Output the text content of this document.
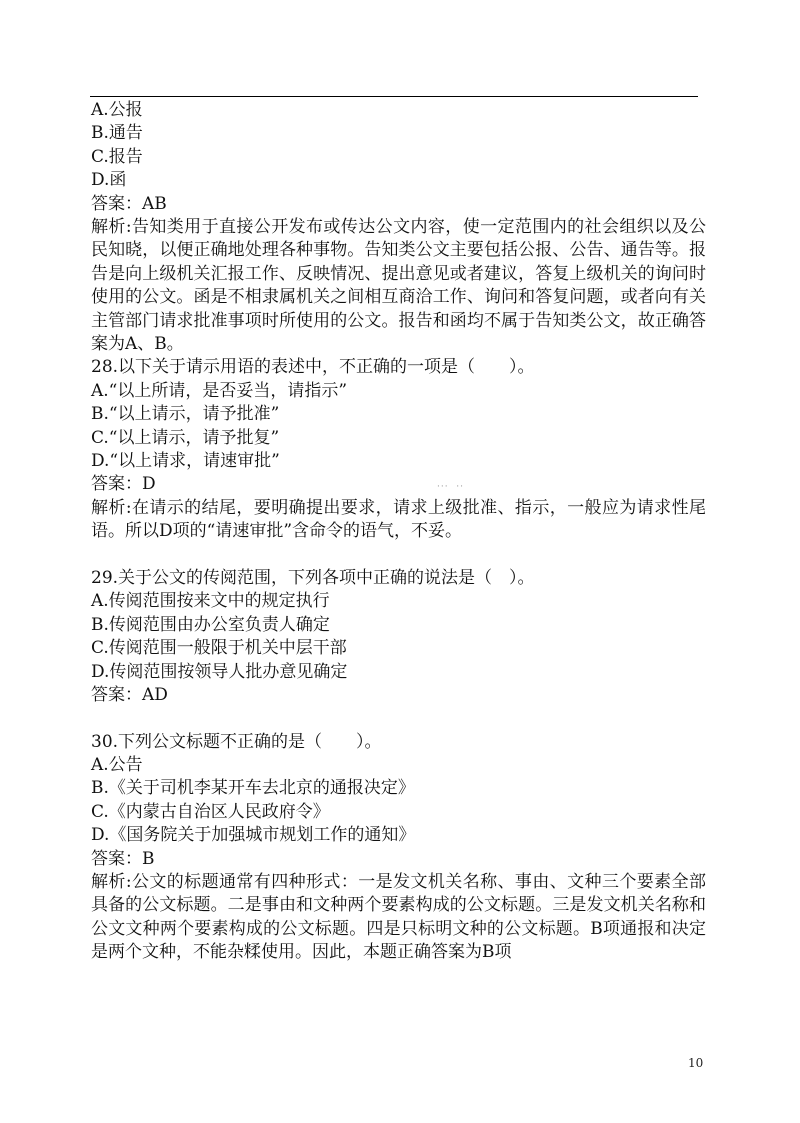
A.公报
B.通告
C.报告
D.函
答案：AB
解析:告知类用于直接公开发布或传达公文内容，使一定范围内的社会组织以及公民知晓，以便正确地处理各种事物。告知类公文主要包括公报、公告、通告等。报告是向上级机关汇报工作、反映情况、提出意见或者建议，答复上级机关的询问时使用的公文。函是不相隶属机关之间相互商洽工作、询问和答复问题，或者向有关主管部门请求批准事项时所使用的公文。报告和函均不属于告知类公文，故正确答案为A、B。
28.以下关于请示用语的表述中，不正确的一项是（　　）。
A.“以上所请，是否妥当，请指示”
B.“以上请示，请予批准”
C.“以上请示，请予批复”
D.“以上请求，请速审批”
答案：D
解析:在请示的结尾，要明确提出要求，请求上级批准、指示，一般应为请求性尾语。所以D项的“请速审批”含命令的语气，不妥。
29.关于公文的传阅范围，下列各项中正确的说法是（　）。
A.传阅范围按来文中的规定执行
B.传阅范围由办公室负责人确定
C.传阅范围一般限于机关中层干部
D.传阅范围按领导人批办意见确定
答案：AD
30.下列公文标题不正确的是（　　）。
A.公告
B.《关于司机李某开车去北京的通报决定》
C.《内蒙古自治区人民政府令》
D.《国务院关于加强城市规划工作的通知》
答案：B
解析:公文的标题通常有四种形式：一是发文机关名称、事由、文种三个要素全部具备的公文标题。二是事由和文种两个要素构成的公文标题。三是发文机关名称和公文文种两个要素构成的公文标题。四是只标明文种的公文标题。B项通报和决定是两个文种，不能杂糅使用。因此，本题正确答案为B项
···  ··
10
